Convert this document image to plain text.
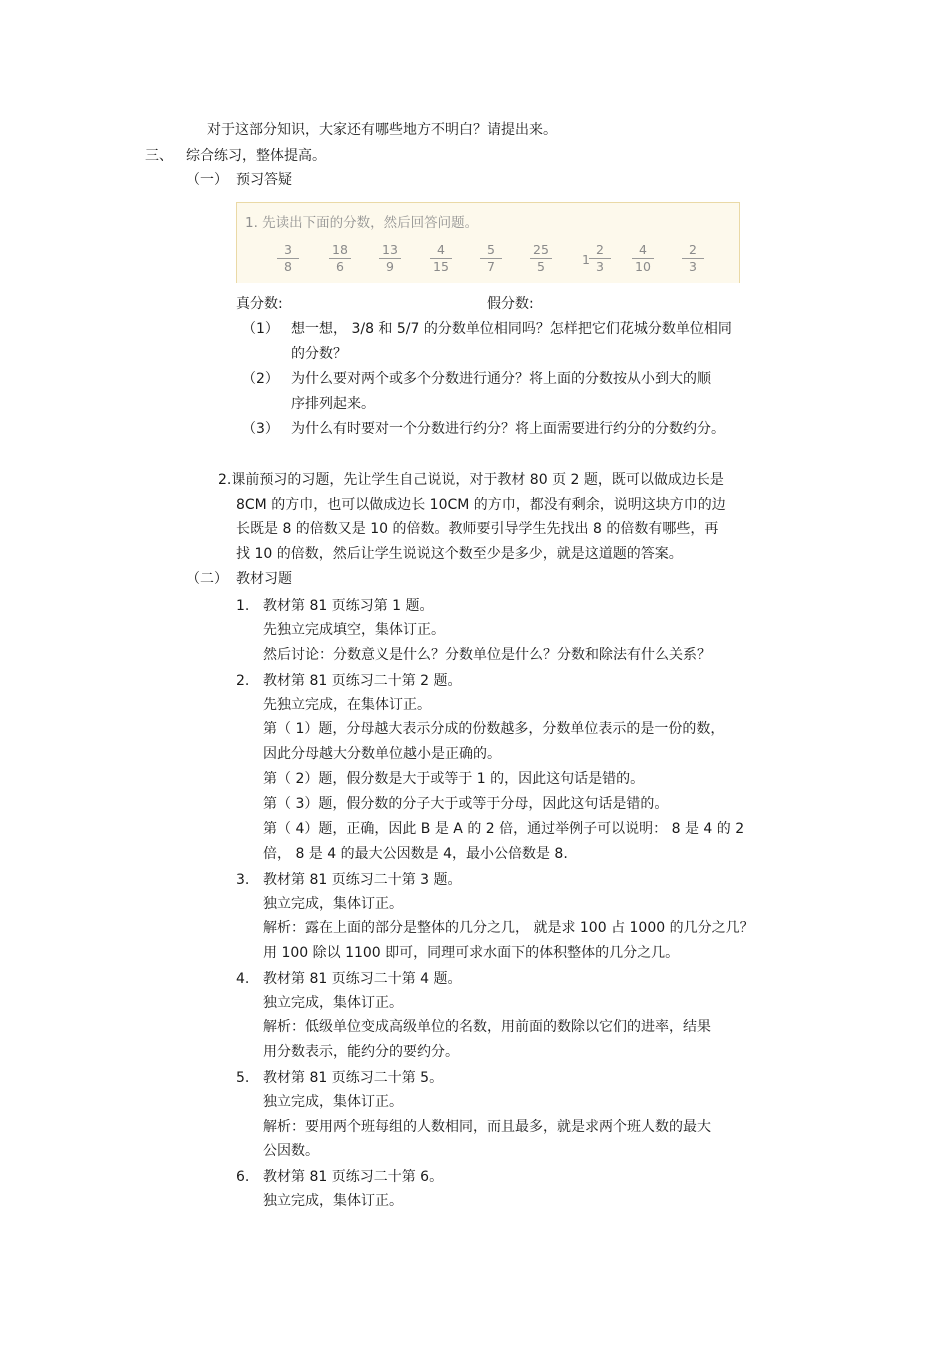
对于这部分知识，大家还有哪些地方不明白？请提出来。
三、 综合练习，整体提高。
（一） 预习答疑
1. 先读出下面的分数，然后回答问题。
3
8
18
6
13
9
4
15
5
7
25
5	1
2
3
4
10
2
3
真分数:	假分数:
（1） 想一想， 3/8 和 5/7 的分数单位相同吗？怎样把它们花城分数单位相同
的分数？
（2） 为什么要对两个或多个分数进行通分？将上面的分数按从小到大的顺
序排列起来。
（3） 为什么有时要对一个分数进行约分？将上面需要进行约分的分数约分。
2.课前预习的习题，先让学生自己说说，对于教材 80 页 2 题，既可以做成边长是
8CM 的方巾，也可以做成边长 10CM 的方巾，都没有剩余，说明这块方巾的边
长既是 8 的倍数又是 10 的倍数。教师要引导学生先找出 8 的倍数有哪些，再
找 10 的倍数，然后让学生说说这个数至少是多少，就是这道题的答案。
（二） 教材习题
1. 教材第 81 页练习第 1 题。
先独立完成填空，集体订正。
然后讨论：分数意义是什么？分数单位是什么？分数和除法有什么关系？
2. 教材第 81 页练习二十第 2 题。
先独立完成，在集体订正。
第（ 1）题，分母越大表示分成的份数越多，分数单位表示的是一份的数，
因此分母越大分数单位越小是正确的。
第（ 2）题，假分数是大于或等于 1 的，因此这句话是错的。
第（ 3）题，假分数的分子大于或等于分母，因此这句话是错的。
第（ 4）题，正确，因此 B 是 A 的 2 倍，通过举例子可以说明： 8 是 4 的 2
倍， 8 是 4 的最大公因数是 4，最小公倍数是 8.
3. 教材第 81 页练习二十第 3 题。
独立完成，集体订正。
解析：露在上面的部分是整体的几分之几， 就是求 100 占 1000 的几分之几？
用 100 除以 1100 即可，同理可求水面下的体积整体的几分之几。
4. 教材第 81 页练习二十第 4 题。
独立完成，集体订正。
解析：低级单位变成高级单位的名数，用前面的数除以它们的进率，结果
用分数表示，能约分的要约分。
5. 教材第 81 页练习二十第 5。
独立完成，集体订正。
解析：要用两个班每组的人数相同，而且最多，就是求两个班人数的最大
公因数。
6. 教材第 81 页练习二十第 6。
独立完成，集体订正。
